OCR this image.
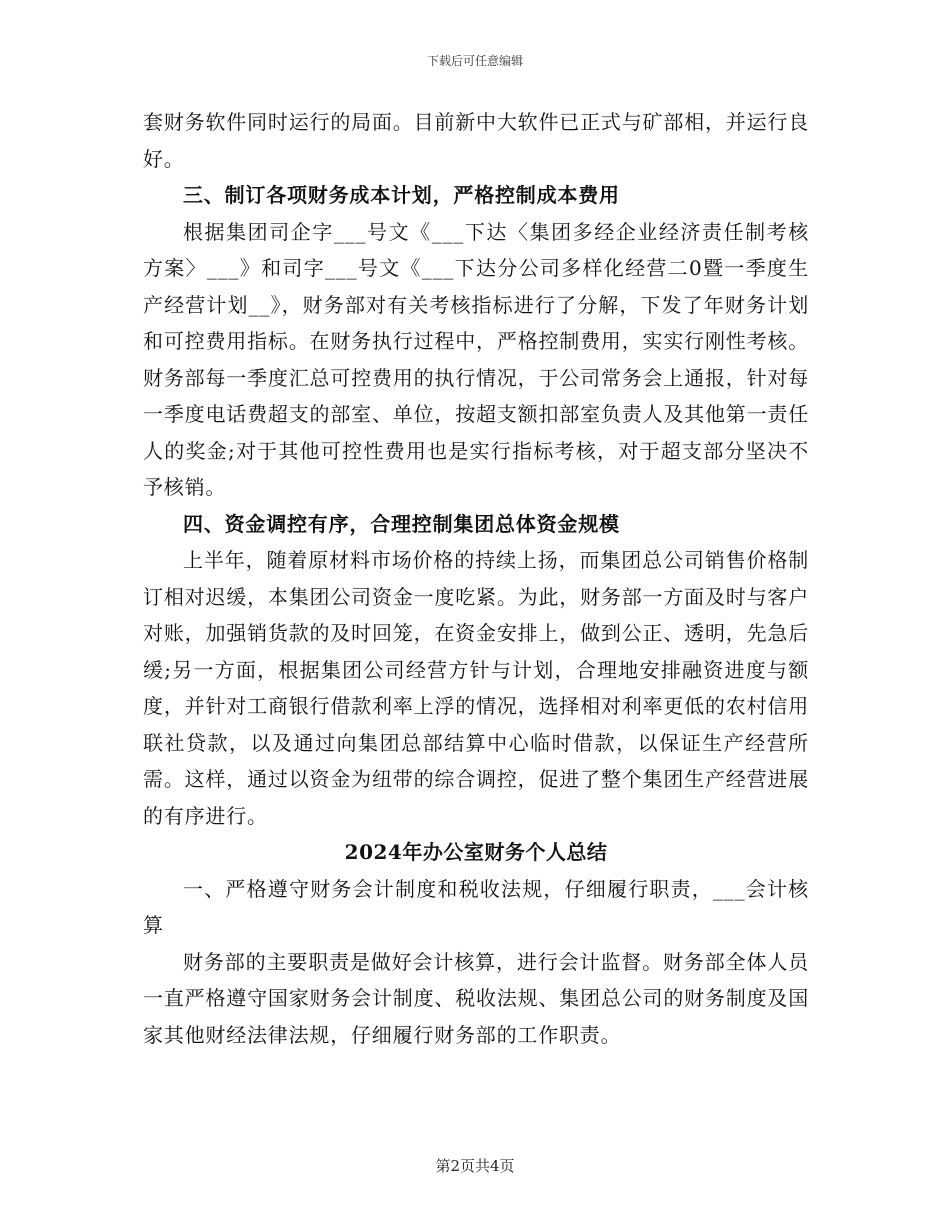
下载后可任意编辑

套财务软件同时运行的局面。目前新中大软件已正式与矿部相，并运行良好。

三、制订各项财务成本计划，严格控制成本费用

根据集团司企字___号文《___下达〈集团多经企业经济责任制考核方案〉___》和司字___号文《___下达分公司多样化经营二0暨一季度生产经营计划__》，财务部对有关考核指标进行了分解，下发了年财务计划和可控费用指标。在财务执行过程中，严格控制费用，实实行刚性考核。财务部每一季度汇总可控费用的执行情况，于公司常务会上通报，针对每一季度电话费超支的部室、单位，按超支额扣部室负责人及其他第一责任人的奖金;对于其他可控性费用也是实行指标考核，对于超支部分坚决不予核销。

四、资金调控有序，合理控制集团总体资金规模

上半年，随着原材料市场价格的持续上扬，而集团总公司销售价格制订相对迟缓，本集团公司资金一度吃紧。为此，财务部一方面及时与客户对账，加强销货款的及时回笼，在资金安排上，做到公正、透明，先急后缓;另一方面，根据集团公司经营方针与计划，合理地安排融资进度与额度，并针对工商银行借款利率上浮的情况，选择相对利率更低的农村信用联社贷款，以及通过向集团总部结算中心临时借款，以保证生产经营所需。这样，通过以资金为纽带的综合调控，促进了整个集团生产经营进展的有序进行。

2024年办公室财务个人总结

一、严格遵守财务会计制度和税收法规，仔细履行职责，___会计核算

财务部的主要职责是做好会计核算，进行会计监督。财务部全体人员一直严格遵守国家财务会计制度、税收法规、集团总公司的财务制度及国家其他财经法律法规，仔细履行财务部的工作职责。

第2页共4页
